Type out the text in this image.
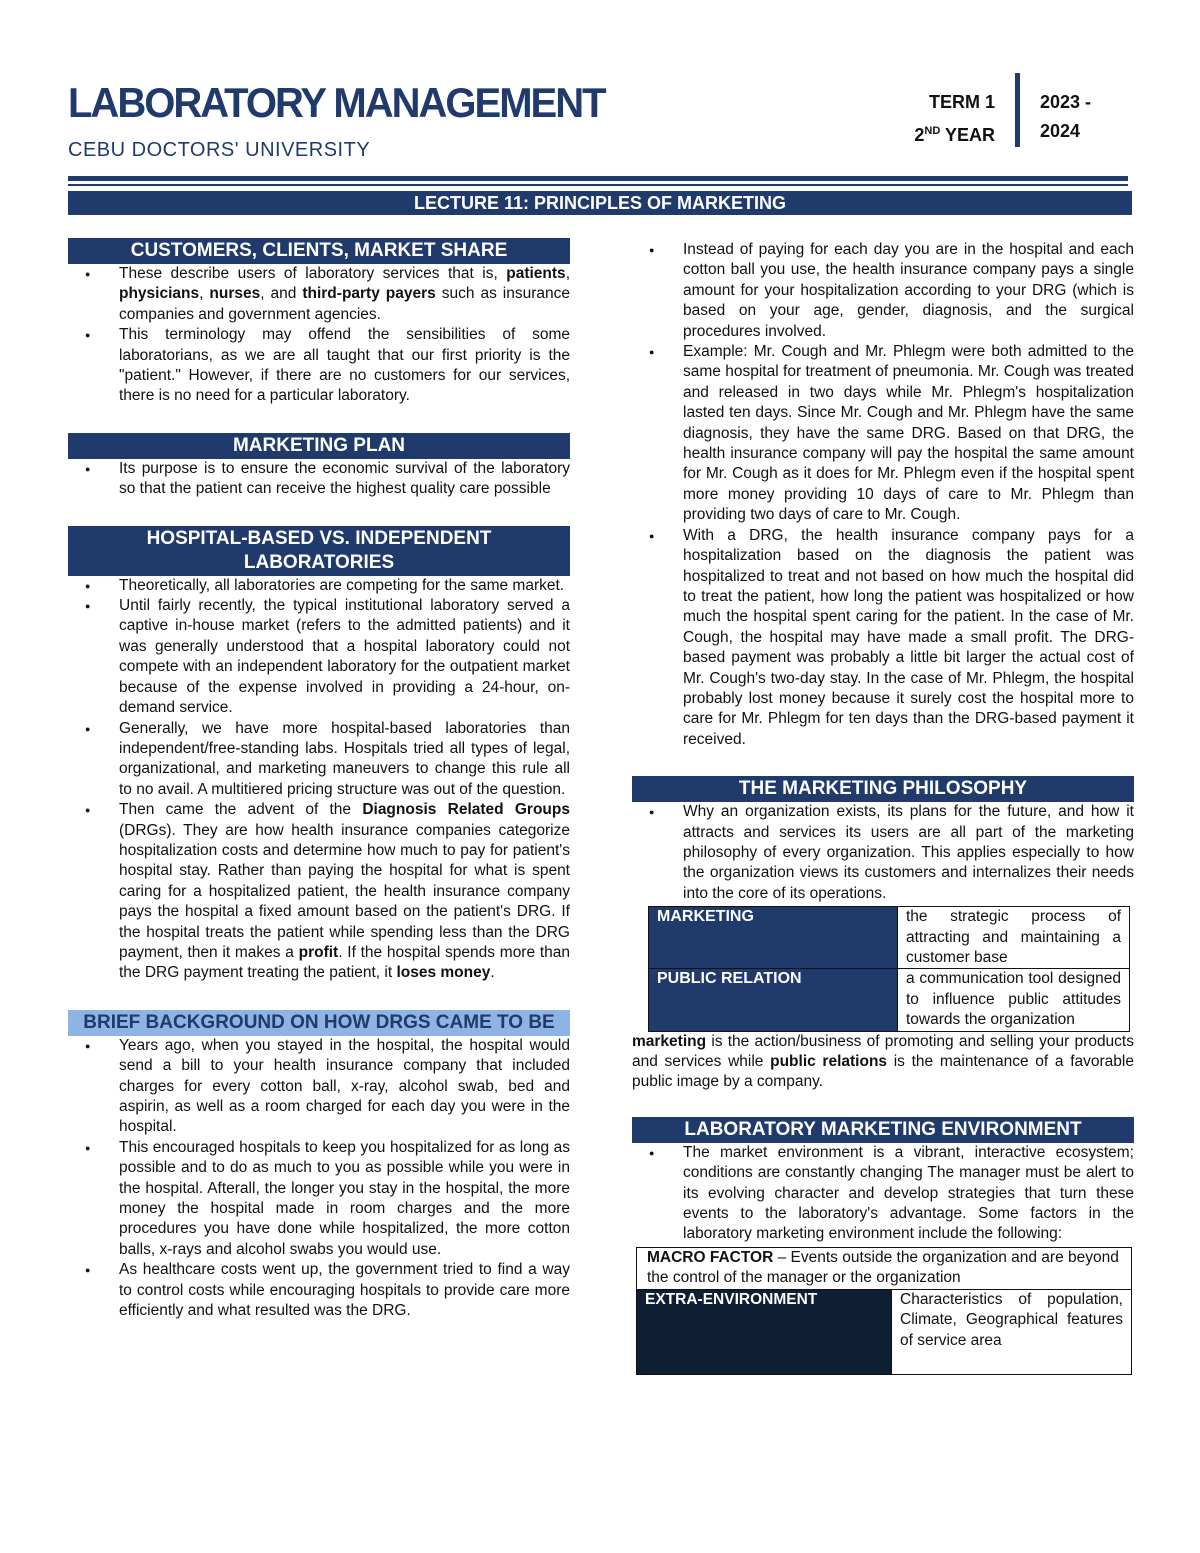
LABORATORY MANAGEMENT
CEBU DOCTORS' UNIVERSITY
TERM 1
2ND YEAR
2023 -
2024
LECTURE 11: PRINCIPLES OF MARKETING
CUSTOMERS, CLIENTS, MARKET SHARE
● These describe users of laboratory services that is, patients, physicians, nurses, and third-party payers such as insurance companies and government agencies.
● This terminology may offend the sensibilities of some laboratorians, as we are all taught that our first priority is the "patient." However, if there are no customers for our services, there is no need for a particular laboratory.
MARKETING PLAN
● Its purpose is to ensure the economic survival of the laboratory so that the patient can receive the highest quality care possible
HOSPITAL-BASED VS. INDEPENDENT LABORATORIES
● Theoretically, all laboratories are competing for the same market.
● Until fairly recently, the typical institutional laboratory served a captive in-house market (refers to the admitted patients) and it was generally understood that a hospital laboratory could not compete with an independent laboratory for the outpatient market because of the expense involved in providing a 24-hour, on-demand service.
● Generally, we have more hospital-based laboratories than independent/free-standing labs. Hospitals tried all types of legal, organizational, and marketing maneuvers to change this rule all to no avail. A multitiered pricing structure was out of the question.
● Then came the advent of the Diagnosis Related Groups (DRGs). They are how health insurance companies categorize hospitalization costs and determine how much to pay for patient's hospital stay. Rather than paying the hospital for what is spent caring for a hospitalized patient, the health insurance company pays the hospital a fixed amount based on the patient's DRG. If the hospital treats the patient while spending less than the DRG payment, then it makes a profit. If the hospital spends more than the DRG payment treating the patient, it loses money.
BRIEF BACKGROUND ON HOW DRGS CAME TO BE
● Years ago, when you stayed in the hospital, the hospital would send a bill to your health insurance company that included charges for every cotton ball, x-ray, alcohol swab, bed and aspirin, as well as a room charged for each day you were in the hospital.
● This encouraged hospitals to keep you hospitalized for as long as possible and to do as much to you as possible while you were in the hospital. Afterall, the longer you stay in the hospital, the more money the hospital made in room charges and the more procedures you have done while hospitalized, the more cotton balls, x-rays and alcohol swabs you would use.
● As healthcare costs went up, the government tried to find a way to control costs while encouraging hospitals to provide care more efficiently and what resulted was the DRG.
● Instead of paying for each day you are in the hospital and each cotton ball you use, the health insurance company pays a single amount for your hospitalization according to your DRG (which is based on your age, gender, diagnosis, and the surgical procedures involved.
● Example: Mr. Cough and Mr. Phlegm were both admitted to the same hospital for treatment of pneumonia. Mr. Cough was treated and released in two days while Mr. Phlegm's hospitalization lasted ten days. Since Mr. Cough and Mr. Phlegm have the same diagnosis, they have the same DRG. Based on that DRG, the health insurance company will pay the hospital the same amount for Mr. Cough as it does for Mr. Phlegm even if the hospital spent more money providing 10 days of care to Mr. Phlegm than providing two days of care to Mr. Cough.
● With a DRG, the health insurance company pays for a hospitalization based on the diagnosis the patient was hospitalized to treat and not based on how much the hospital did to treat the patient, how long the patient was hospitalized or how much the hospital spent caring for the patient. In the case of Mr. Cough, the hospital may have made a small profit. The DRG-based payment was probably a little bit larger the actual cost of Mr. Cough's two-day stay. In the case of Mr. Phlegm, the hospital probably lost money because it surely cost the hospital more to care for Mr. Phlegm for ten days than the DRG-based payment it received.
THE MARKETING PHILOSOPHY
● Why an organization exists, its plans for the future, and how it attracts and services its users are all part of the marketing philosophy of every organization. This applies especially to how the organization views its customers and internalizes their needs into the core of its operations.
MARKETING	the strategic process of attracting and maintaining a customer base
PUBLIC RELATION	a communication tool designed to influence public attitudes towards the organization

marketing is the action/business of promoting and selling your products and services while public relations is the maintenance of a favorable public image by a company.

LABORATORY MARKETING ENVIRONMENT
● The market environment is a vibrant, interactive ecosystem; conditions are constantly changing The manager must be alert to its evolving character and develop strategies that turn these events to the laboratory's advantage. Some factors in the laboratory marketing environment include the following:
MACRO FACTOR – Events outside the organization and are beyond the control of the manager or the organization
EXTRA-ENVIRONMENT	Characteristics of population, Climate, Geographical features of service area
